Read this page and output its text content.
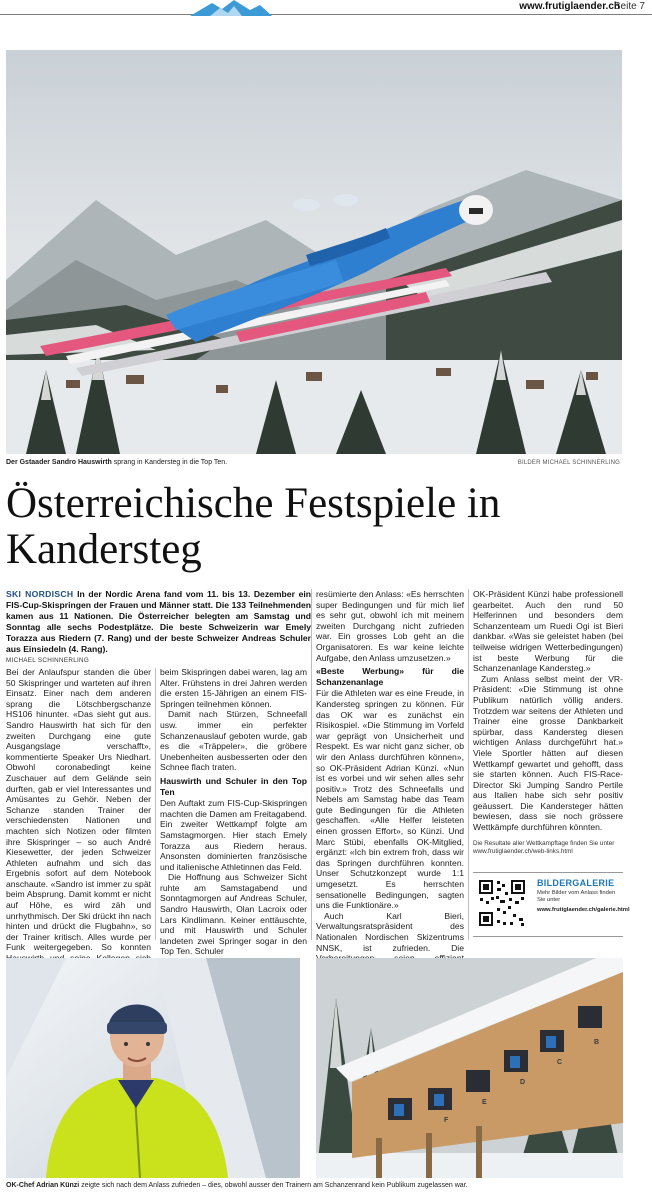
www.frutiglaender.ch
Seite 7
Der Gstaader Sandro Hauswirth sprang in Kandersteg in die Top Ten.	BILDER MICHAEL SCHINNERLING
Österreichische Festspiele in Kandersteg
SKI NORDISCH In der Nordic Arena fand vom 11. bis 13. Dezember ein FIS-Cup-Skispringen der Frauen und Männer statt. Die 133 Teilnehmenden kamen aus 11 Nationen. Die Österreicher belegten am Samstag und Sonntag alle sechs Podestplätze. Die beste Schweizerin war Emely Torazza aus Riedern (7. Rang) und der beste Schweizer Andreas Schuler aus Einsiedeln (4. Rang).
MICHAEL SCHINNERLING

Bei der Anlaufspur standen die über 50 Skispringer und warteten auf ihren Einsatz. Einer nach dem anderen sprang die Lötschbergschanze HS106 hinunter. «Das sieht gut aus. Sandro Hauswirth hat sich für den zweiten Durchgang eine gute Ausgangslage verschafft», kommentierte Speaker Urs Niedhart. Obwohl coronabedingt keine Zuschauer auf dem Gelände sein durften, gab er viel Interessantes und Amüsantes zu Gehör. Neben der Schanze standen Trainer der verschiedensten Nationen und machten sich Notizen oder filmten ihre Skispringer – so auch André Kiesewetter, der jeden Schweizer Athleten aufnahm und sich das Ergebnis sofort auf dem Notebook anschaute. «Sandro ist immer zu spät beim Absprung. Damit kommt er nicht auf Höhe, es wird zäh und unrhythmisch. Der Ski drückt ihn nach hinten und drückt die Flugbahn», so der Trainer kritisch. Alles wurde per Funk weitergegeben. So konnten

beim Skispringen dabei waren, lag am Alter. Frühstens in drei Jahren werden die ersten 15-Jährigen an einem FIS-Springen teilnehmen können.

Damit nach Stürzen, Schneefall usw. immer ein perfekter Schanzenauslauf geboten wurde, gab es die «Träppeler», die gröbere Unebenheiten ausbesserten oder den Schnee flach traten.

Hauswirth und Schuler in den Top Ten

Den Auftakt zum FIS-Cup-Skispringen machten die Damen am Freitagabend. Ein zweiter Wettkampf folgte am Samstagmorgen. Hier stach Emely Torazza aus Riedern heraus. Ansonsten dominierten französische und italienische Athletinnen das Feld.

Die Hoffnung aus Schweizer Sicht ruhte am Samstagabend und Sonntagmorgen auf Andreas Schuler, Sandro Hauswirth, Olan Lacroix oder Lars Kindlimann. Keiner enttäuschte, und mit Hauswirth und Schuler landeten zwei Springer sogar in den Top Ten. Schuler

resümierte den Anlass: «Es herrschten super Bedingungen und für mich lief es sehr gut, obwohl ich mit meinem zweiten Durchgang nicht zufrieden war. Ein grosses Lob geht an die Organisatoren. Es war keine leichte Aufgabe, den Anlass umzusetzen.»

«Beste Werbung» für die Schanzenanlage

Für die Athleten war es eine Freude, in Kandersteg springen zu können. Für das OK war es zunächst ein Risikospiel. «Die Stimmung im Vorfeld war geprägt von Unsicherheit und Respekt. Es war nicht ganz sicher, ob wir den Anlass durchführen können», so OK-Präsident Adrian Künzi. «Nun ist es vorbei und wir sehen alles sehr positiv.» Trotz des Schneefalls und Nebels am Samstag habe das Team gute Bedingungen für die Athleten geschaffen. «Alle Helfer leisteten einen grossen Effort», so Künzi. Und Marc Stübi, ebenfalls OK-Mitglied, ergänzt: «Ich bin extrem froh, dass wir das Springen durchführen konnten. Unser Schutzkonzept wurde 1:1 umgesetzt. Es herrschten sensationelle Bedingungen, sagten uns die Funktionäre.»

Auch Karl Bieri, Verwaltungsratspräsident des Nationalen Nordischen Skizentrums NNSK, ist zufrieden. Die

OK-Präsident Künzi habe professionell gearbeitet. Auch den rund 50 Helferinnen und besonders dem Schanzenteam um Ruedi Ogi ist Bieri dankbar. «Was sie geleistet haben (bei teilweise widrigen Wetterbedingungen) ist beste Werbung für die Schanzenanlage Kandersteg.»

Zum Anlass selbst meint der VR-Präsident: «Die Stimmung ist ohne Publikum natürlich völlig anders. Trotzdem war seitens der Athleten und Trainer eine grosse Dankbarkeit spürbar, dass Kandersteg diesen wichtigen Anlass durchgeführt hat.» Viele Sportler hätten auf diesen Wettkampf gewartet und gehofft, dass sie starten können. Auch FIS-Race-Director Ski Jumping Sandro Pertile aus Italien habe sich sehr positiv geäussert. Die Kandersteger hätten bewiesen, dass sie noch grössere Wettkämpfe durchführen könnten.

Die Resultate aller Wettkampftage finden Sie unter www.frutiglaender.ch/web-links.html
BILDERGALERIE
Mehr Bilder vom Anlass finden Sie unter
www.frutiglaender.ch/galerie.html
B
C
D
E
F
OK-Chef Adrian Künzi zeigte sich nach dem Anlass zufrieden – dies, obwohl ausser den Trainern am Schanzenrand kein Publikum zugelassen war.
